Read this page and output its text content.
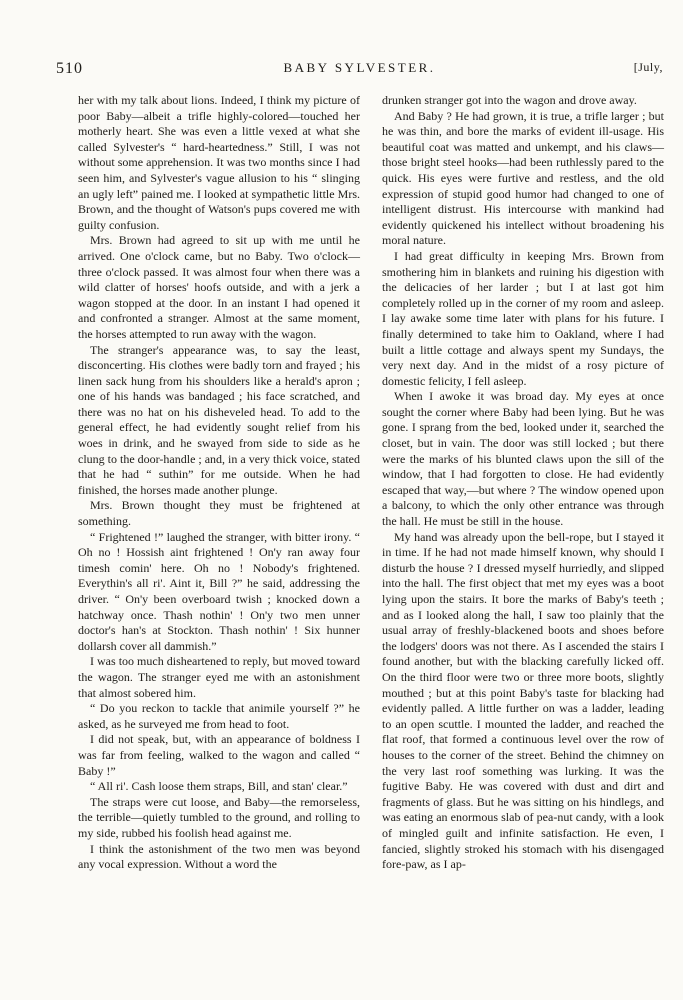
510	BABY SYLVESTER.	[July,

her with my talk about lions. Indeed, I think my picture of poor Baby—albeit a trifle highly-colored—touched her motherly heart. She was even a little vexed at what she called Sylvester's “ hard-heartedness.” Still, I was not without some apprehension. It was two months since I had seen him, and Sylvester's vague allusion to his “ slinging an ugly left” pained me. I looked at sympathetic little Mrs. Brown, and the thought of Watson's pups covered me with guilty confusion.

Mrs. Brown had agreed to sit up with me until he arrived. One o'clock came, but no Baby. Two o'clock—three o'clock passed. It was almost four when there was a wild clatter of horses' hoofs outside, and with a jerk a wagon stopped at the door. In an instant I had opened it and confronted a stranger. Almost at the same moment, the horses attempted to run away with the wagon.

The stranger's appearance was, to say the least, disconcerting. His clothes were badly torn and frayed ; his linen sack hung from his shoulders like a herald's apron ; one of his hands was bandaged ; his face scratched, and there was no hat on his disheveled head. To add to the general effect, he had evidently sought relief from his woes in drink, and he swayed from side to side as he clung to the door-handle ; and, in a very thick voice, stated that he had “ suthin” for me outside. When he had finished, the horses made another plunge.

Mrs. Brown thought they must be frightened at something.

“ Frightened !” laughed the stranger, with bitter irony. “ Oh no ! Hossish aint frightened ! On'y ran away four timesh comin' here. Oh no ! Nobody's frightened. Everythin's all ri'. Aint it, Bill ?” he said, addressing the driver. “ On'y been overboard twish ; knocked down a hatchway once. Thash nothin' ! On'y two men unner doctor's han's at Stockton. Thash nothin' ! Six hunner dollarsh cover all dammish.”

I was too much disheartened to reply, but moved toward the wagon. The stranger eyed me with an astonishment that almost sobered him.

“ Do you reckon to tackle that animile yourself ?” he asked, as he surveyed me from head to foot.

I did not speak, but, with an appearance of boldness I was far from feeling, walked to the wagon and called “ Baby !”

“ All ri'. Cash loose them straps, Bill, and stan' clear.”

The straps were cut loose, and Baby—the remorseless, the terrible—quietly tumbled to the ground, and rolling to my side, rubbed his foolish head against me.

I think the astonishment of the two men was beyond any vocal expression. Without a word the

drunken stranger got into the wagon and drove away.

And Baby ? He had grown, it is true, a trifle larger ; but he was thin, and bore the marks of evident ill-usage. His beautiful coat was matted and unkempt, and his claws—those bright steel hooks—had been ruthlessly pared to the quick. His eyes were furtive and restless, and the old expression of stupid good humor had changed to one of intelligent distrust. His intercourse with mankind had evidently quickened his intellect without broadening his moral nature.

I had great difficulty in keeping Mrs. Brown from smothering him in blankets and ruining his digestion with the delicacies of her larder ; but I at last got him completely rolled up in the corner of my room and asleep. I lay awake some time later with plans for his future. I finally determined to take him to Oakland, where I had built a little cottage and always spent my Sundays, the very next day. And in the midst of a rosy picture of domestic felicity, I fell asleep.

When I awoke it was broad day. My eyes at once sought the corner where Baby had been lying. But he was gone. I sprang from the bed, looked under it, searched the closet, but in vain. The door was still locked ; but there were the marks of his blunted claws upon the sill of the window, that I had forgotten to close. He had evidently escaped that way,—but where ? The window opened upon a balcony, to which the only other entrance was through the hall. He must be still in the house.

My hand was already upon the bell-rope, but I stayed it in time. If he had not made himself known, why should I disturb the house ? I dressed myself hurriedly, and slipped into the hall. The first object that met my eyes was a boot lying upon the stairs. It bore the marks of Baby's teeth ; and as I looked along the hall, I saw too plainly that the usual array of freshly-blackened boots and shoes before the lodgers' doors was not there. As I ascended the stairs I found another, but with the blacking carefully licked off. On the third floor were two or three more boots, slightly mouthed ; but at this point Baby's taste for blacking had evidently palled. A little further on was a ladder, leading to an open scuttle. I mounted the ladder, and reached the flat roof, that formed a continuous level over the row of houses to the corner of the street. Behind the chimney on the very last roof something was lurking. It was the fugitive Baby. He was covered with dust and dirt and fragments of glass. But he was sitting on his hindlegs, and was eating an enormous slab of pea-nut candy, with a look of mingled guilt and infinite satisfaction. He even, I fancied, slightly stroked his stomach with his disengaged fore-paw, as I ap-
